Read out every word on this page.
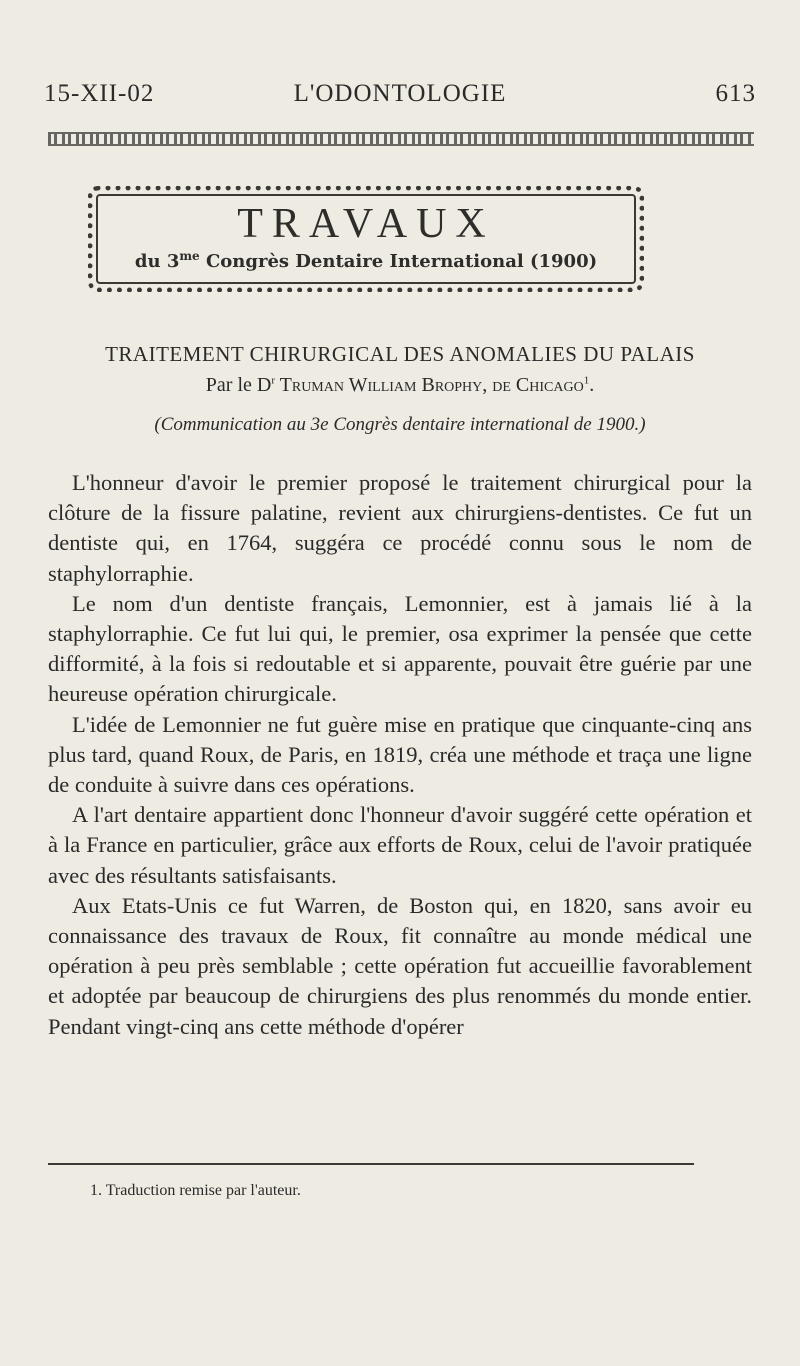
15-XII-02	L'ODONTOLOGIE	613
TRAVAUX
du $3^{me}$ Congrès Dentaire International (1900)
TRAITEMENT CHIRURGICAL DES ANOMALIES DU PALAIS
Par le $D^r$ Truman William Brophy, de Chicago$^1$.
(Communication au 3e Congrès dentaire international de 1900.)

L'honneur d'avoir le premier proposé le traitement chirurgical pour la clôture de la fissure palatine, revient aux chirurgiens-dentistes. Ce fut un dentiste qui, en 1764, suggéra ce procédé connu sous le nom de staphylorraphie.

Le nom d'un dentiste français, Lemonnier, est à jamais lié à la staphylorraphie. Ce fut lui qui, le premier, osa exprimer la pensée que cette difformité, à la fois si redoutable et si apparente, pouvait être guérie par une heureuse opération chirurgicale.

L'idée de Lemonnier ne fut guère mise en pratique que cinquante-cinq ans plus tard, quand Roux, de Paris, en 1819, créa une méthode et traça une ligne de conduite à suivre dans ces opérations.

A l'art dentaire appartient donc l'honneur d'avoir suggéré cette opération et à la France en particulier, grâce aux efforts de Roux, celui de l'avoir pratiquée avec des résultants satisfaisants.

Aux Etats-Unis ce fut Warren, de Boston qui, en 1820, sans avoir eu connaissance des travaux de Roux, fit connaître au monde médical une opération à peu près semblable ; cette opération fut accueillie favorablement et adoptée par beaucoup de chirurgiens des plus renommés du monde entier. Pendant vingt-cinq ans cette méthode d'opérer

1. Traduction remise par l'auteur.
